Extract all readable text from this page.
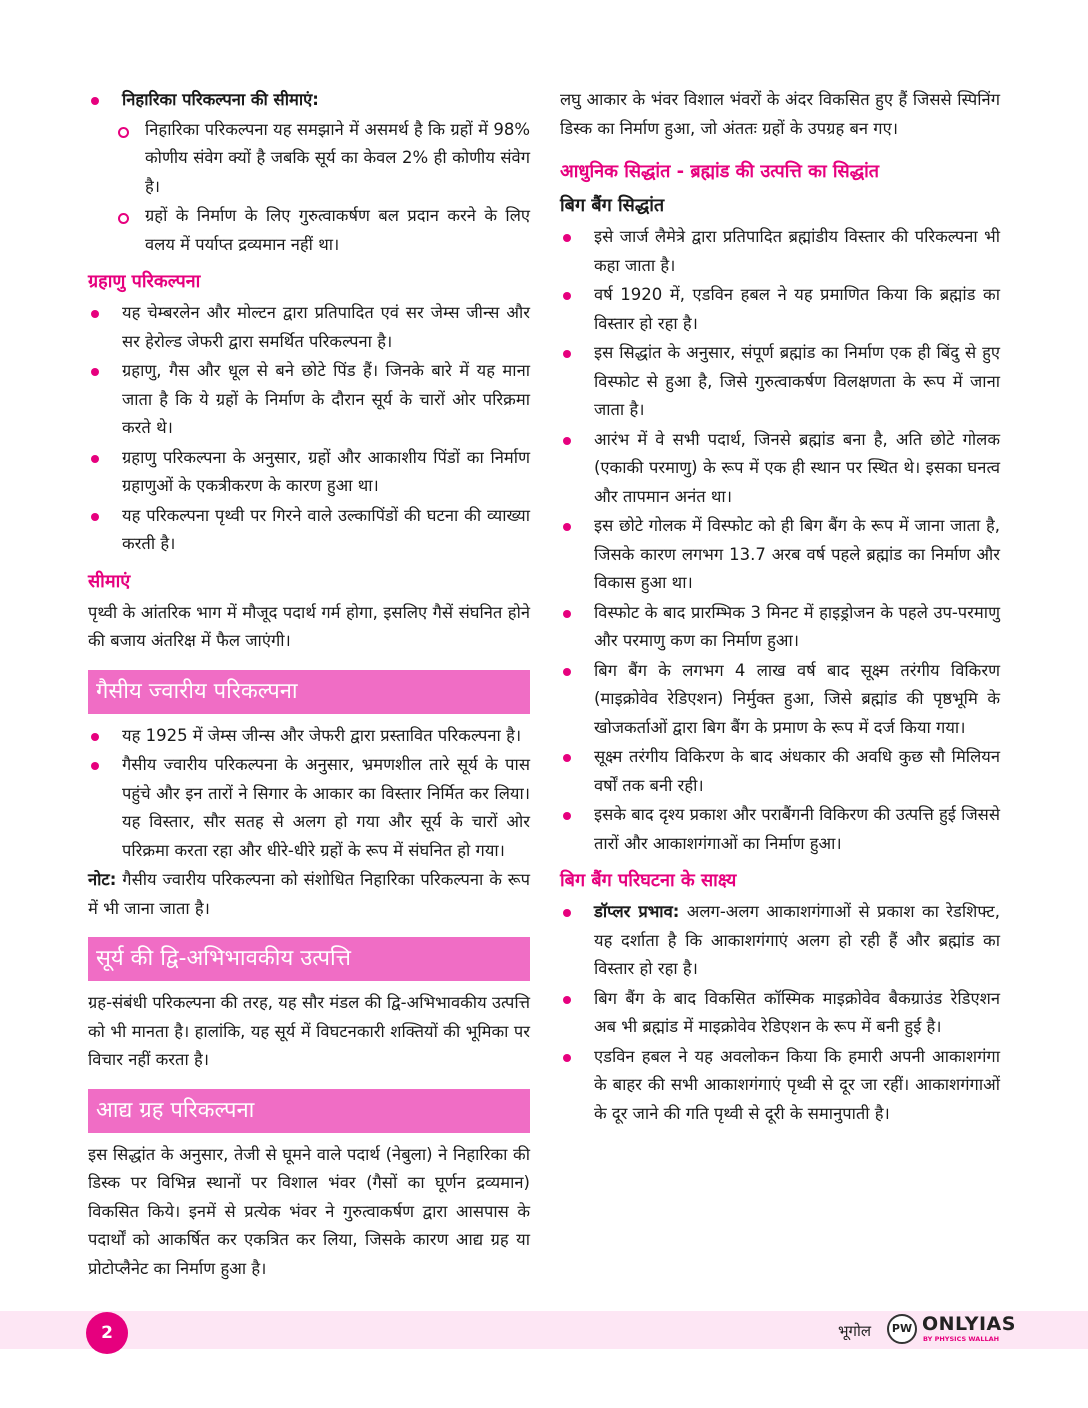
निहारिका परिकल्पना की सीमाएं:
निहारिका परिकल्पना यह समझाने में असमर्थ है कि ग्रहों में 98% कोणीय संवेग क्यों है जबकि सूर्य का केवल 2% ही कोणीय संवेग है।
ग्रहों के निर्माण के लिए गुरुत्वाकर्षण बल प्रदान करने के लिए वलय में पर्याप्त द्रव्यमान नहीं था।
ग्रहाणु परिकल्पना
यह चेम्बरलेन और मोल्टन द्वारा प्रतिपादित एवं सर जेम्स जीन्स और सर हेरोल्ड जेफरी द्वारा समर्थित परिकल्पना है।
ग्रहाणु, गैस और धूल से बने छोटे पिंड हैं। जिनके बारे में यह माना जाता है कि ये ग्रहों के निर्माण के दौरान सूर्य के चारों ओर परिक्रमा करते थे।
ग्रहाणु परिकल्पना के अनुसार, ग्रहों और आकाशीय पिंडों का निर्माण ग्रहाणुओं के एकत्रीकरण के कारण हुआ था।
यह परिकल्पना पृथ्वी पर गिरने वाले उल्कापिंडों की घटना की व्याख्या करती है।
सीमाएं

पृथ्वी के आंतरिक भाग में मौजूद पदार्थ गर्म होगा, इसलिए गैसें संघनित होने की बजाय अंतरिक्ष में फैल जाएंगी।

गैसीय ज्वारीय परिकल्पना
यह 1925 में जेम्स जीन्स और जेफरी द्वारा प्रस्तावित परिकल्पना है।
गैसीय ज्वारीय परिकल्पना के अनुसार, भ्रमणशील तारे सूर्य के पास पहुंचे और इन तारों ने सिगार के आकार का विस्तार निर्मित कर लिया। यह विस्तार, सौर सतह से अलग हो गया और सूर्य के चारों ओर परिक्रमा करता रहा और धीरे-धीरे ग्रहों के रूप में संघनित हो गया।

नोट: गैसीय ज्वारीय परिकल्पना को संशोधित निहारिका परिकल्पना के रूप में भी जाना जाता है।

सूर्य की द्वि-अभिभावकीय उत्पत्ति

ग्रह-संबंधी परिकल्पना की तरह, यह सौर मंडल की द्वि-अभिभावकीय उत्पत्ति को भी मानता है। हालांकि, यह सूर्य में विघटनकारी शक्तियों की भूमिका पर विचार नहीं करता है।

आद्य ग्रह परिकल्पना

इस सिद्धांत के अनुसार, तेजी से घूमने वाले पदार्थ (नेबुला) ने निहारिका की डिस्क पर विभिन्न स्थानों पर विशाल भंवर (गैसों का घूर्णन द्रव्यमान) विकसित किये। इनमें से प्रत्येक भंवर ने गुरुत्वाकर्षण द्वारा आसपास के पदार्थों को आकर्षित कर एकत्रित कर लिया, जिसके कारण आद्य ग्रह या प्रोटोप्लैनेट का निर्माण हुआ है।

लघु आकार के भंवर विशाल भंवरों के अंदर विकसित हुए हैं जिससे स्पिनिंग डिस्क का निर्माण हुआ, जो अंततः ग्रहों के उपग्रह बन गए।

आधुनिक सिद्धांत - ब्रह्मांड की उत्पत्ति का सिद्धांत
बिग बैंग सिद्धांत
इसे जार्ज लैमेत्रे द्वारा प्रतिपादित ब्रह्मांडीय विस्तार की परिकल्पना भी कहा जाता है।
वर्ष 1920 में, एडविन हबल ने यह प्रमाणित किया कि ब्रह्मांड का विस्तार हो रहा है।
इस सिद्धांत के अनुसार, संपूर्ण ब्रह्मांड का निर्माण एक ही बिंदु से हुए विस्फोट से हुआ है, जिसे गुरुत्वाकर्षण विलक्षणता के रूप में जाना जाता है।
आरंभ में वे सभी पदार्थ, जिनसे ब्रह्मांड बना है, अति छोटे गोलक (एकाकी परमाणु) के रूप में एक ही स्थान पर स्थित थे। इसका घनत्व और तापमान अनंत था।
इस छोटे गोलक में विस्फोट को ही बिग बैंग के रूप में जाना जाता है, जिसके कारण लगभग 13.7 अरब वर्ष पहले ब्रह्मांड का निर्माण और विकास हुआ था।
विस्फोट के बाद प्रारम्भिक 3 मिनट में हाइड्रोजन के पहले उप-परमाणु और परमाणु कण का निर्माण हुआ।
बिग बैंग के लगभग 4 लाख वर्ष बाद सूक्ष्म तरंगीय विकिरण (माइक्रोवेव रेडिएशन) निर्मुक्त हुआ, जिसे ब्रह्मांड की पृष्ठभूमि के खोजकर्ताओं द्वारा बिग बैंग के प्रमाण के रूप में दर्ज किया गया।
सूक्ष्म तरंगीय विकिरण के बाद अंधकार की अवधि कुछ सौ मिलियन वर्षों तक बनी रही।
इसके बाद दृश्य प्रकाश और पराबैंगनी विकिरण की उत्पत्ति हुई जिससे तारों और आकाशगंगाओं का निर्माण हुआ।
बिग बैंग परिघटना के साक्ष्य
डॉप्लर प्रभाव: अलग-अलग आकाशगंगाओं से प्रकाश का रेडशिफ्ट, यह दर्शाता है कि आकाशगंगाएं अलग हो रही हैं और ब्रह्मांड का विस्तार हो रहा है।
बिग बैंग के बाद विकसित कॉस्मिक माइक्रोवेव बैकग्राउंड रेडिएशन अब भी ब्रह्मांड में माइक्रोवेव रेडिएशन के रूप में बनी हुई है।
एडविन हबल ने यह अवलोकन किया कि हमारी अपनी आकाशगंगा के बाहर की सभी आकाशगंगाएं पृथ्वी से दूर जा रहीं। आकाशगंगाओं के दूर जाने की गति पृथ्वी से दूरी के समानुपाती है।
2	भूगोल	PW ONLYIAS
BY PHYSICS WALLAH
